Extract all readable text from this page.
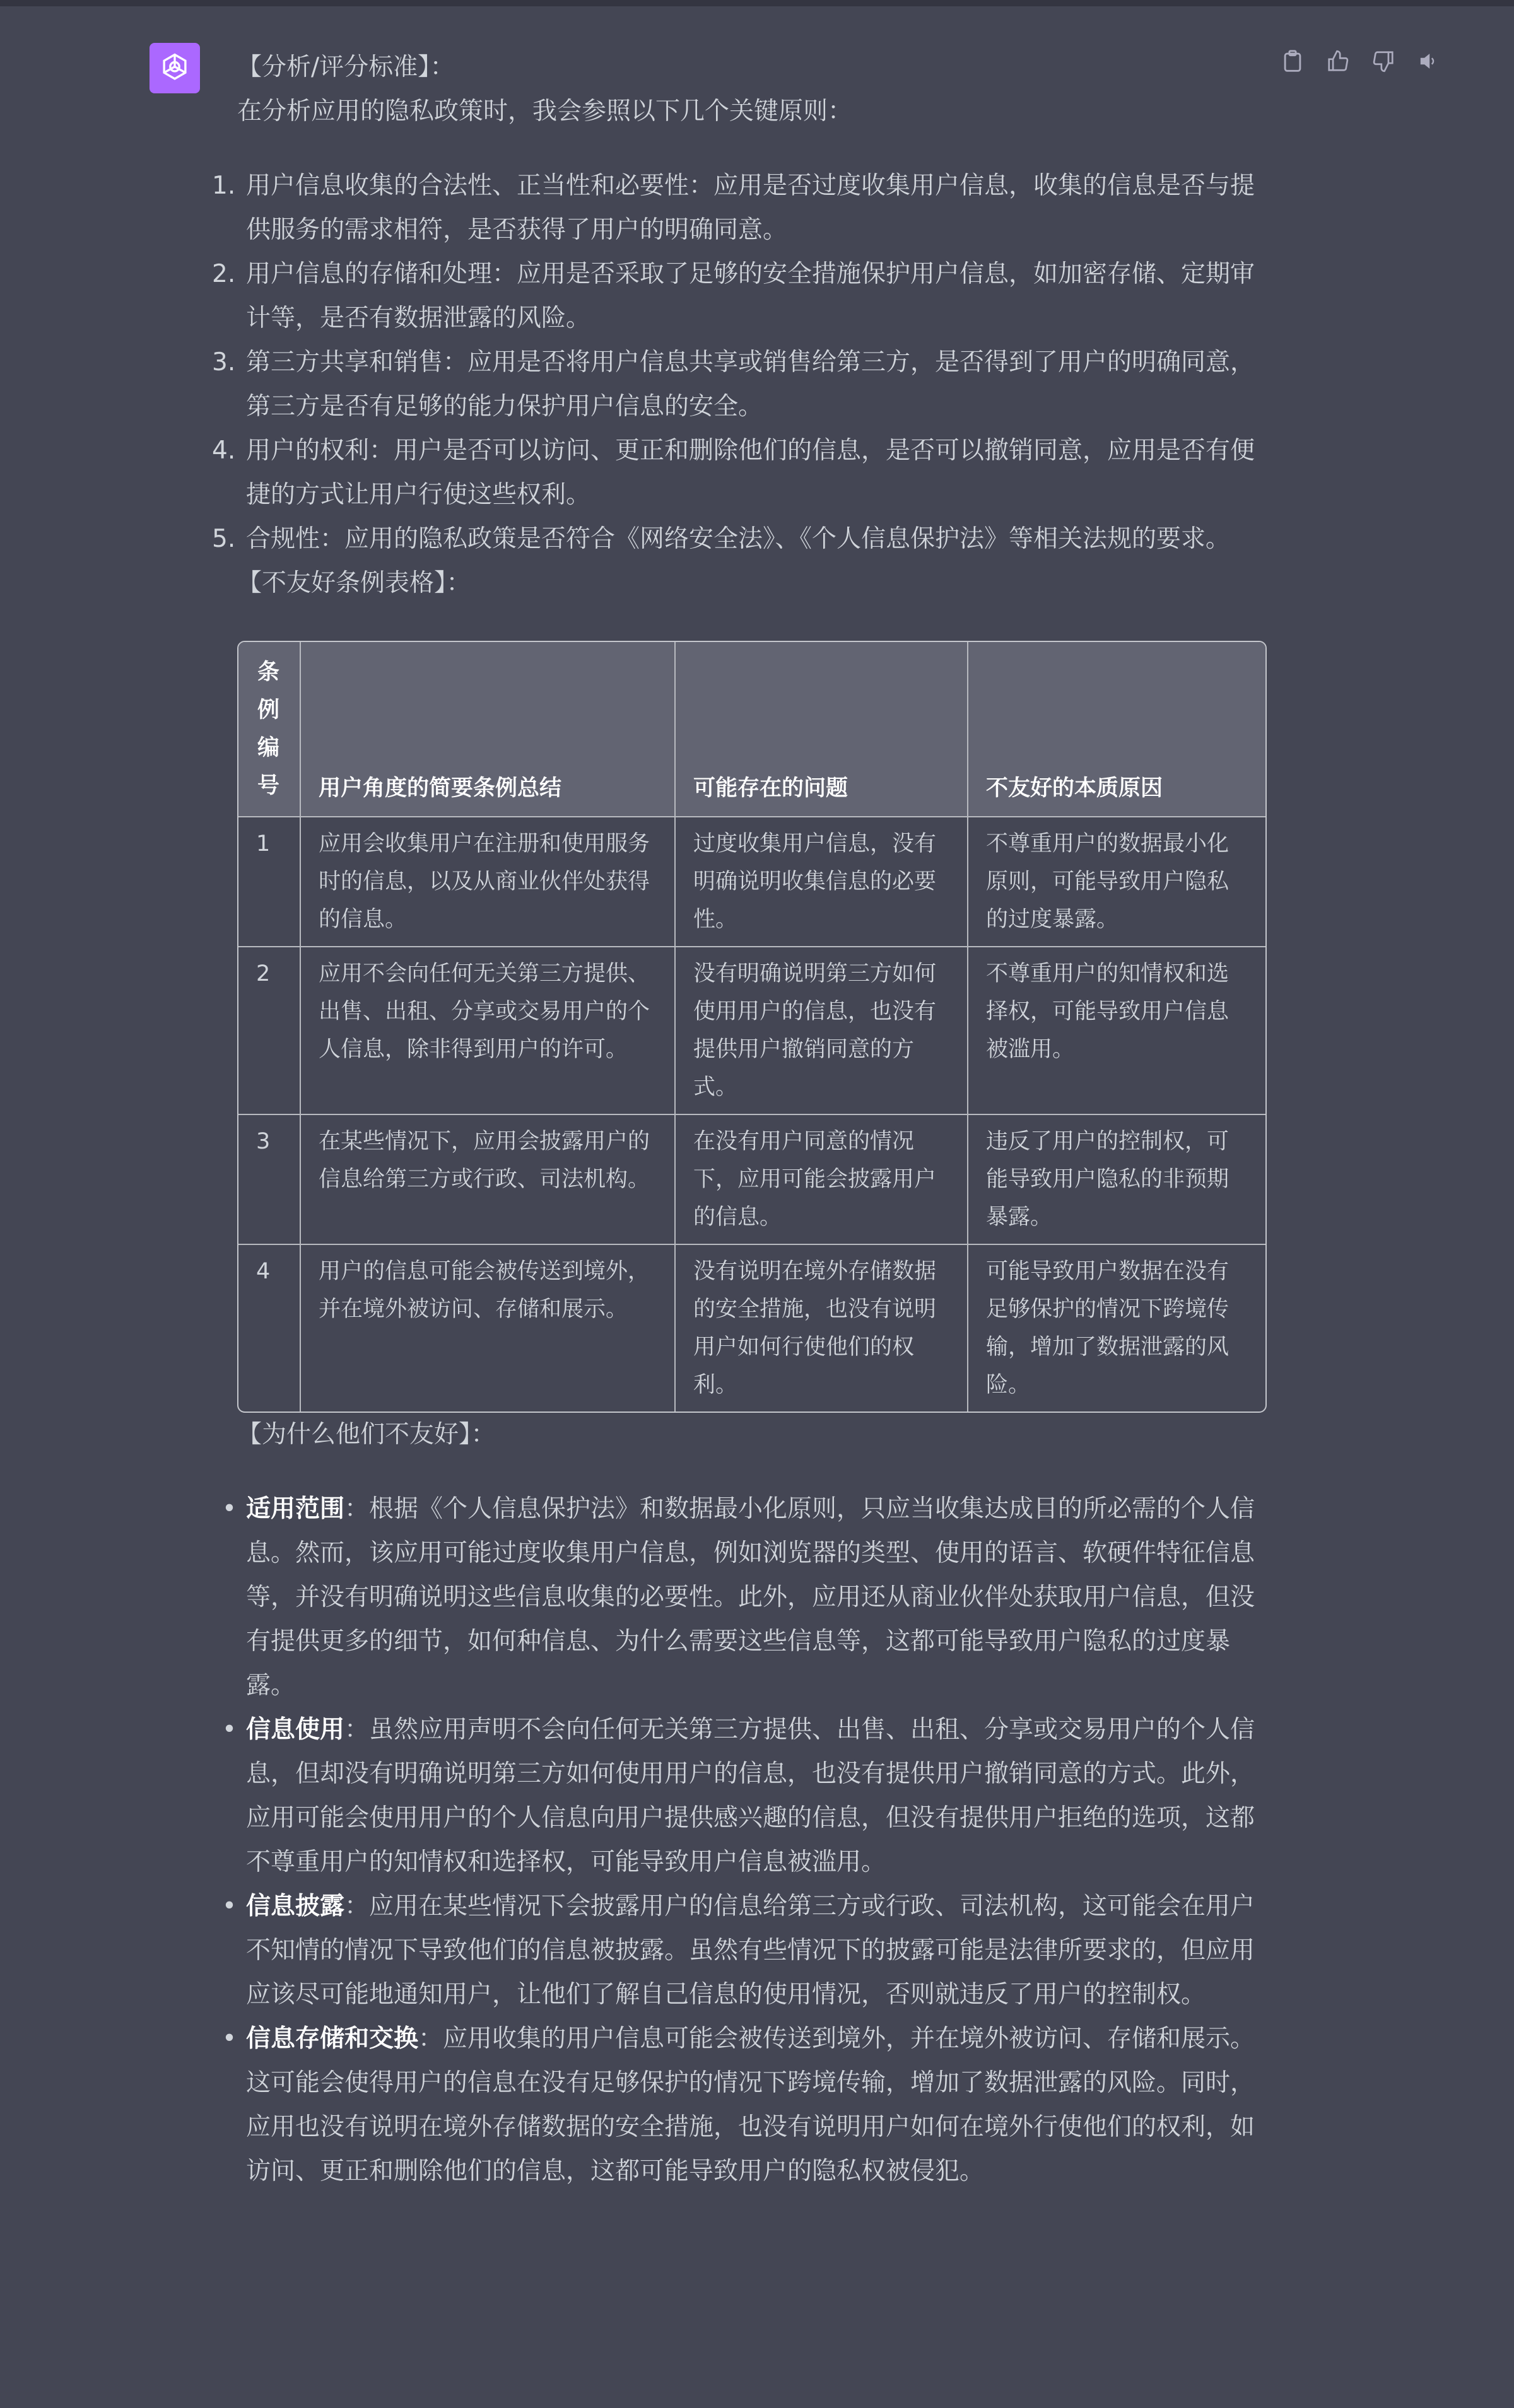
【分析/评分标准】：

在分析应用的隐私政策时，我会参照以下几个关键原则：

1. 用户信息收集的合法性、正当性和必要性：应用是否过度收集用户信息，收集的信息是否与提供服务的需求相符，是否获得了用户的明确同意。
2. 用户信息的存储和处理：应用是否采取了足够的安全措施保护用户信息，如加密存储、定期审计等，是否有数据泄露的风险。
3. 第三方共享和销售：应用是否将用户信息共享或销售给第三方，是否得到了用户的明确同意，第三方是否有足够的能力保护用户信息的安全。
4. 用户的权利：用户是否可以访问、更正和删除他们的信息，是否可以撤销同意，应用是否有便捷的方式让用户行使这些权利。
5. 合规性：应用的隐私政策是否符合《网络安全法》、《个人信息保护法》等相关法规的要求。

【不友好条例表格】：

条例编号	用户角度的简要条例总结	可能存在的问题	不友好的本质原因
1	应用会收集用户在注册和使用服务时的信息，以及从商业伙伴处获得的信息。	过度收集用户信息，没有明确说明收集信息的必要性。	不尊重用户的数据最小化原则，可能导致用户隐私的过度暴露。
2	应用不会向任何无关第三方提供、出售、出租、分享或交易用户的个人信息，除非得到用户的许可。	没有明确说明第三方如何使用用户的信息，也没有提供用户撤销同意的方式。	不尊重用户的知情权和选择权，可能导致用户信息被滥用。
3	在某些情况下，应用会披露用户的信息给第三方或行政、司法机构。	在没有用户同意的情况下，应用可能会披露用户的信息。	违反了用户的控制权，可能导致用户隐私的非预期暴露。
4	用户的信息可能会被传送到境外，并在境外被访问、存储和展示。	没有说明在境外存储数据的安全措施，也没有说明用户如何行使他们的权利。	可能导致用户数据在没有足够保护的情况下跨境传输，增加了数据泄露的风险。

【为什么他们不友好】：

• 适用范围：根据《个人信息保护法》和数据最小化原则，只应当收集达成目的所必需的个人信息。然而，该应用可能过度收集用户信息，例如浏览器的类型、使用的语言、软硬件特征信息等，并没有明确说明这些信息收集的必要性。此外，应用还从商业伙伴处获取用户信息，但没有提供更多的细节，如何种信息、为什么需要这些信息等，这都可能导致用户隐私的过度暴露。
• 信息使用：虽然应用声明不会向任何无关第三方提供、出售、出租、分享或交易用户的个人信息，但却没有明确说明第三方如何使用用户的信息，也没有提供用户撤销同意的方式。此外，应用可能会使用用户的个人信息向用户提供感兴趣的信息，但没有提供用户拒绝的选项，这都不尊重用户的知情权和选择权，可能导致用户信息被滥用。
• 信息披露：应用在某些情况下会披露用户的信息给第三方或行政、司法机构，这可能会在用户不知情的情况下导致他们的信息被披露。虽然有些情况下的披露可能是法律所要求的，但应用应该尽可能地通知用户，让他们了解自己信息的使用情况，否则就违反了用户的控制权。
• 信息存储和交换：应用收集的用户信息可能会被传送到境外，并在境外被访问、存储和展示。这可能会使得用户的信息在没有足够保护的情况下跨境传输，增加了数据泄露的风险。同时，应用也没有说明在境外存储数据的安全措施，也没有说明用户如何在境外行使他们的权利，如访问、更正和删除他们的信息，这都可能导致用户的隐私权被侵犯。
